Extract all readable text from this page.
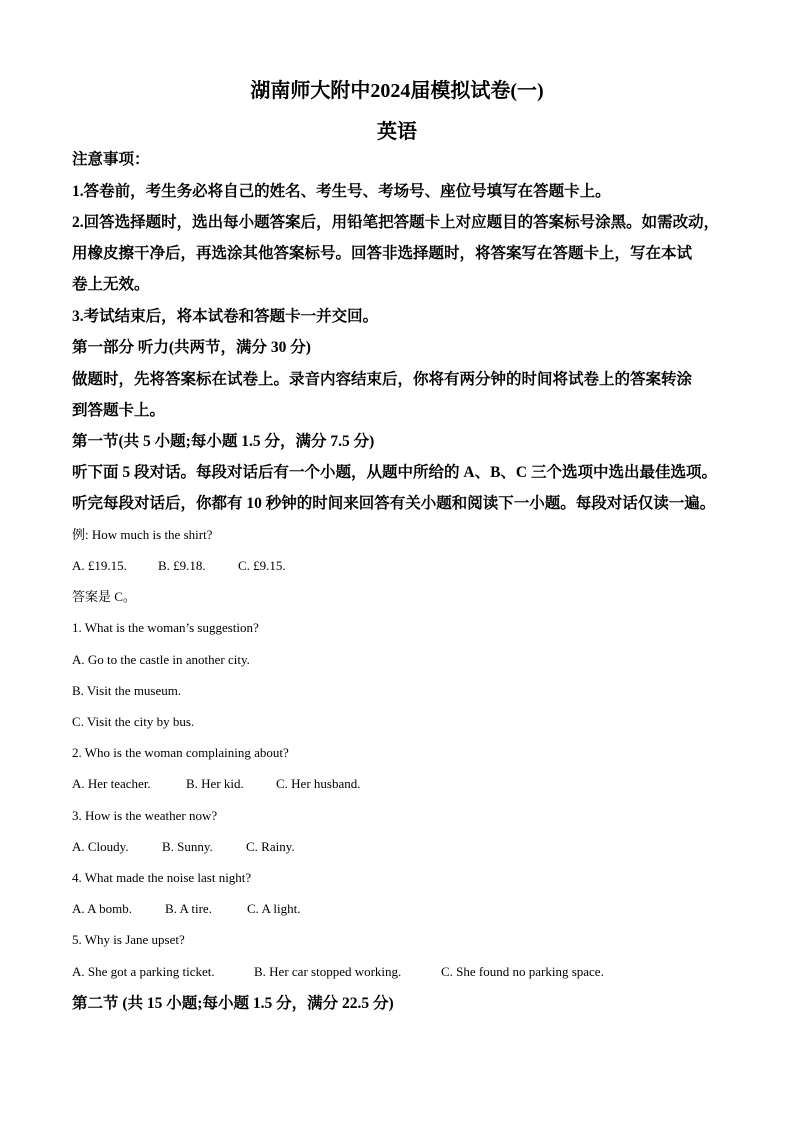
湖南师大附中2024届模拟试卷(一)
英语
注意事项：
1.答卷前，考生务必将自己的姓名、考生号、考场号、座位号填写在答题卡上。
2.回答选择题时，选出每小题答案后，用铅笔把答题卡上对应题目的答案标号涂黑。如需改动，
用橡皮擦干净后，再选涂其他答案标号。回答非选择题时，将答案写在答题卡上，写在本试
卷上无效。
3.考试结束后，将本试卷和答题卡一并交回。
第一部分 听力(共两节，满分 30 分)
做题时，先将答案标在试卷上。录音内容结束后，你将有两分钟的时间将试卷上的答案转涂
到答题卡上。
第一节(共 5 小题;每小题 1.5 分，满分 7.5 分)
听下面 5 段对话。每段对话后有一个小题，从题中所给的 A、B、C 三个选项中选出最佳选项。
听完每段对话后，你都有 10 秒钟的时间来回答有关小题和阅读下一小题。每段对话仅读一遍。
例: How much is the shirt?
A. £19.15. B. £9.18. C. £9.15.
答案是 C。
1. What is the woman’s suggestion?
A. Go to the castle in another city.
B. Visit the museum.
C. Visit the city by bus.
2. Who is the woman complaining about?
A. Her teacher.	B. Her kid. C. Her husband.
3. How is the weather now?
A. Cloudy.	B. Sunny.	C. Rainy.
4. What made the noise last night?
A. A bomb.	B. A tire.	C. A light.
5. Why is Jane upset?
A. She got a parking ticket.	B. Her car stopped working.	C. She found no parking space.
第二节 (共 15 小题;每小题 1.5 分，满分 22.5 分)
